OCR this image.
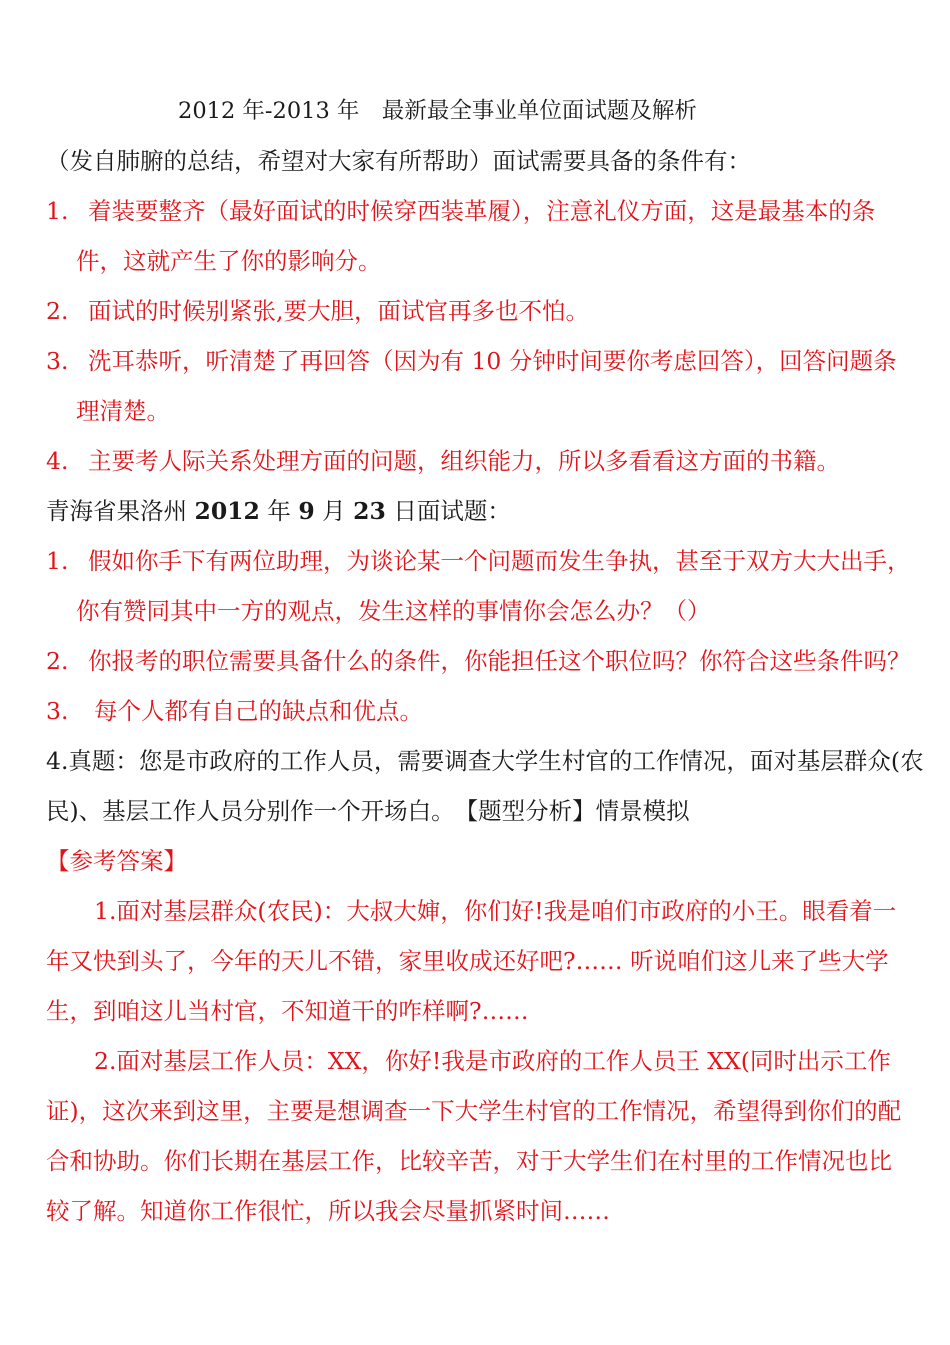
2012 年-2013 年　最新最全事业单位面试题及解析
（发自肺腑的总结，希望对大家有所帮助）面试需要具备的条件有：
1. 着装要整齐（最好面试的时候穿西装革履），注意礼仪方面，这是最基本的条
件，这就产生了你的影响分。
2. 面试的时候别紧张,要大胆，面试官再多也不怕。
3. 洗耳恭听，听清楚了再回答（因为有 10 分钟时间要你考虑回答），回答问题条
理清楚。
4. 主要考人际关系处理方面的问题，组织能力，所以多看看这方面的书籍。
青海省果洛州 2012 年 9 月 23 日面试题：
1. 假如你手下有两位助理，为谈论某一个问题而发生争执，甚至于双方大大出手，
你有赞同其中一方的观点，发生这样的事情你会怎么办？（）
2. 你报考的职位需要具备什么的条件，你能担任这个职位吗？你符合这些条件吗？
3. 每个人都有自己的缺点和优点。
4.真题：您是市政府的工作人员，需要调查大学生村官的工作情况，面对基层群众(农
民)、基层工作人员分别作一个开场白。　【题型分析】情景模拟
【参考答案】
1.面对基层群众(农民)：大叔大婶，你们好!我是咱们市政府的小王。眼看着一
年又快到头了，今年的天儿不错，家里收成还好吧?…… 听说咱们这儿来了些大学
生，到咱这儿当村官，不知道干的咋样啊?……
2.面对基层工作人员：XX，你好!我是市政府的工作人员王 XX(同时出示工作
证)，这次来到这里，主要是想调查一下大学生村官的工作情况，希望得到你们的配
合和协助。你们长期在基层工作，比较辛苦，对于大学生们在村里的工作情况也比
较了解。知道你工作很忙，所以我会尽量抓紧时间……
